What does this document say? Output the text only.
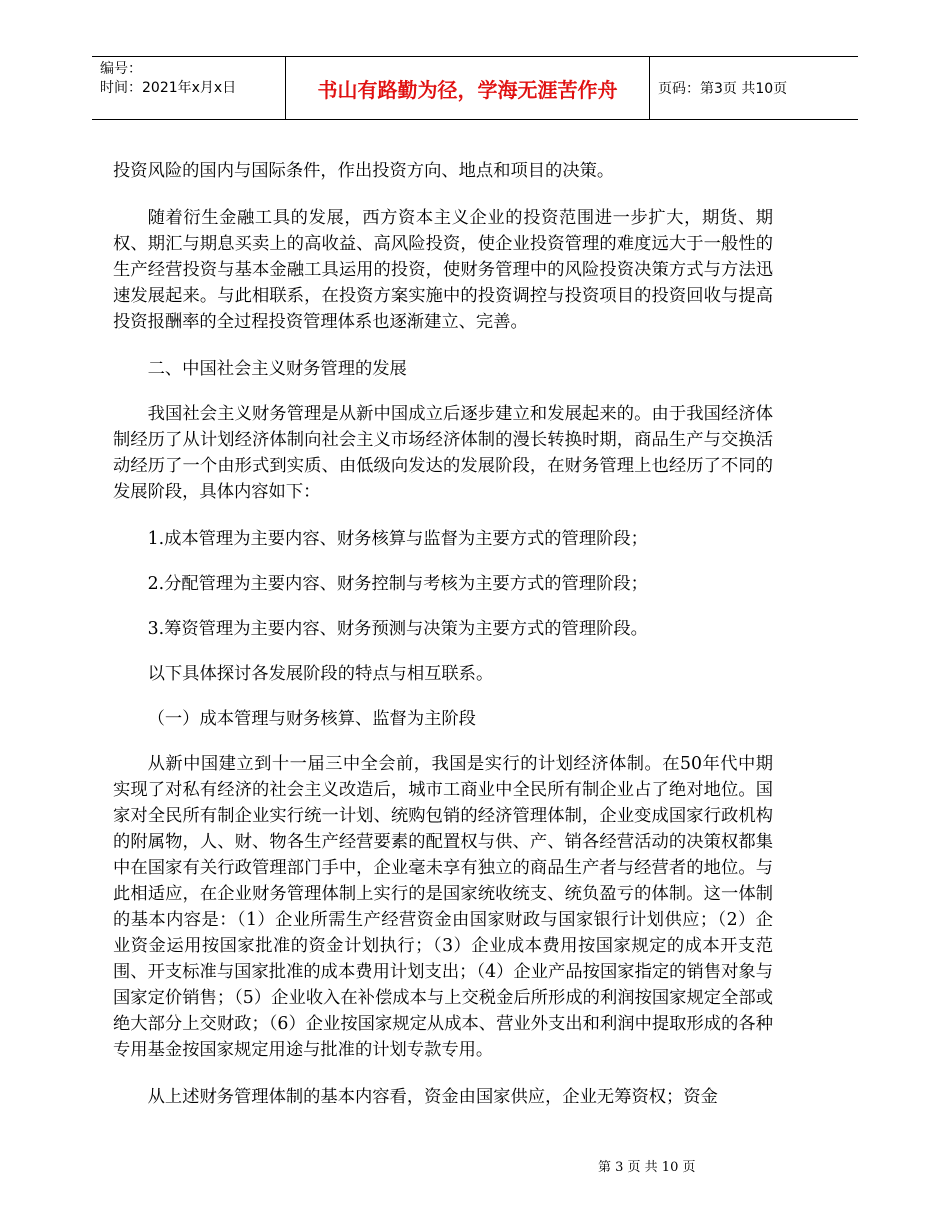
编号：
时间：2021年x月x日	书山有路勤为径，学海无涯苦作舟	页码：第3页 共10页

投资风险的国内与国际条件，作出投资方向、地点和项目的决策。

随着衍生金融工具的发展，西方资本主义企业的投资范围进一步扩大，期货、期权、期汇与期息买卖上的高收益、高风险投资，使企业投资管理的难度远大于一般性的生产经营投资与基本金融工具运用的投资，使财务管理中的风险投资决策方式与方法迅速发展起来。与此相联系，在投资方案实施中的投资调控与投资项目的投资回收与提高投资报酬率的全过程投资管理体系也逐渐建立、完善。

二、中国社会主义财务管理的发展

我国社会主义财务管理是从新中国成立后逐步建立和发展起来的。由于我国经济体制经历了从计划经济体制向社会主义市场经济体制的漫长转换时期，商品生产与交换活动经历了一个由形式到实质、由低级向发达的发展阶段，在财务管理上也经历了不同的发展阶段，具体内容如下：

1.成本管理为主要内容、财务核算与监督为主要方式的管理阶段；

2.分配管理为主要内容、财务控制与考核为主要方式的管理阶段；

3.筹资管理为主要内容、财务预测与决策为主要方式的管理阶段。

以下具体探讨各发展阶段的特点与相互联系。

（一）成本管理与财务核算、监督为主阶段

从新中国建立到十一届三中全会前，我国是实行的计划经济体制。在50年代中期实现了对私有经济的社会主义改造后，城市工商业中全民所有制企业占了绝对地位。国家对全民所有制企业实行统一计划、统购包销的经济管理体制，企业变成国家行政机构的附属物，人、财、物各生产经营要素的配置权与供、产、销各经营活动的决策权都集中在国家有关行政管理部门手中，企业毫未享有独立的商品生产者与经营者的地位。与此相适应，在企业财务管理体制上实行的是国家统收统支、统负盈亏的体制。这一体制的基本内容是：（1）企业所需生产经营资金由国家财政与国家银行计划供应；（2）企业资金运用按国家批准的资金计划执行；（3）企业成本费用按国家规定的成本开支范围、开支标准与国家批准的成本费用计划支出；（4）企业产品按国家指定的销售对象与国家定价销售；（5）企业收入在补偿成本与上交税金后所形成的利润按国家规定全部或绝大部分上交财政；（6）企业按国家规定从成本、营业外支出和利润中提取形成的各种专用基金按国家规定用途与批准的计划专款专用。

从上述财务管理体制的基本内容看，资金由国家供应，企业无筹资权；资金

第 3 页 共 10 页
